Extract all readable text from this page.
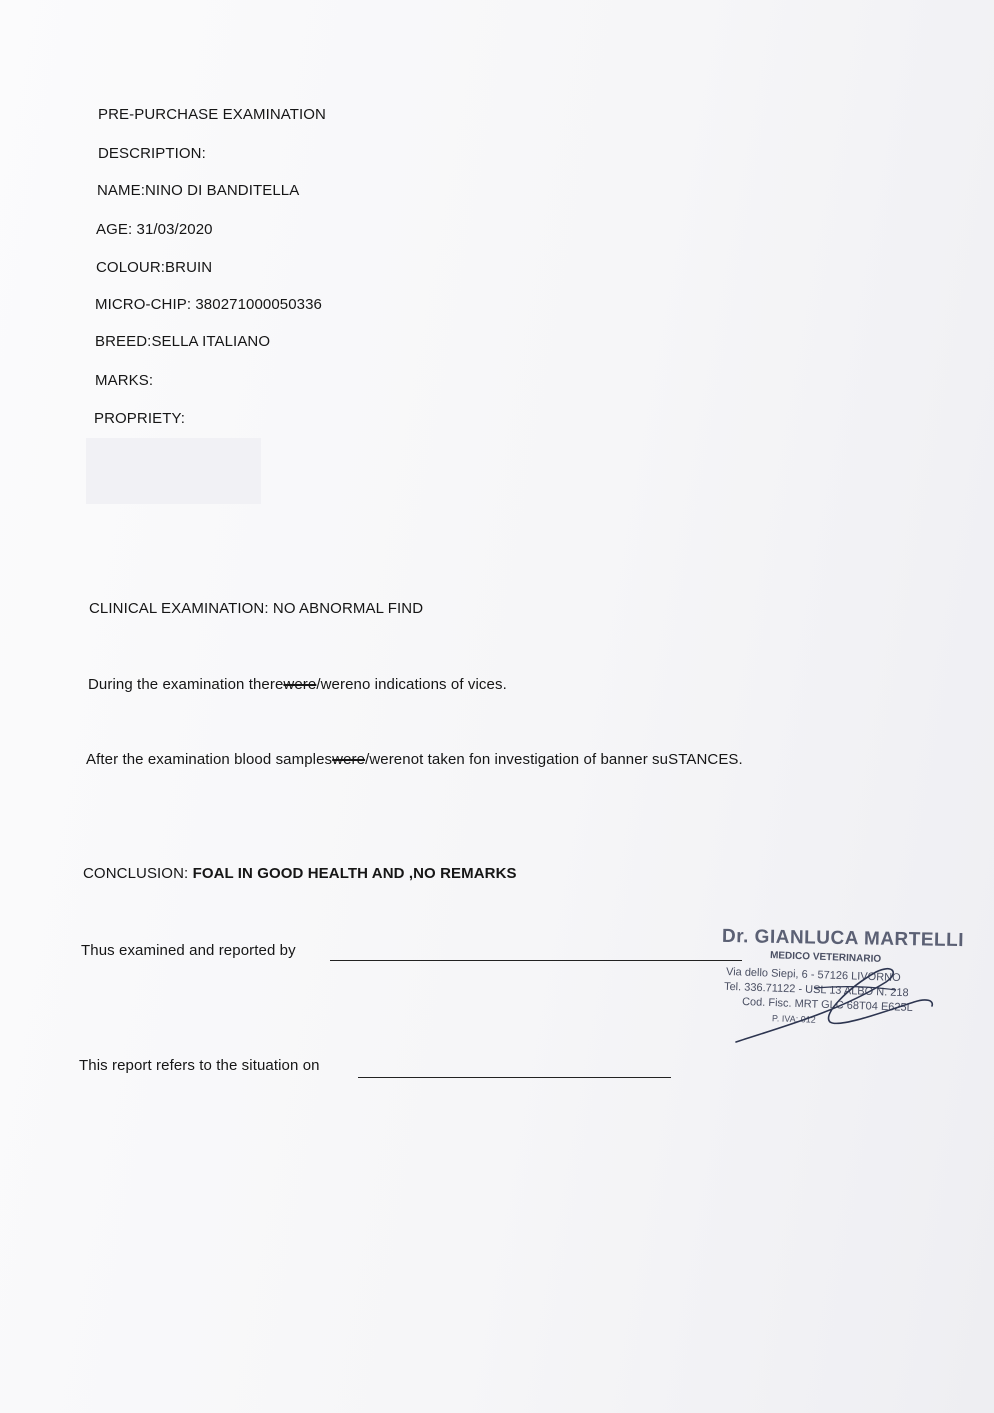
PRE-PURCHASE EXAMINATION
DESCRIPTION:
NAME:NINO DI BANDITELLA
AGE: 31/03/2020
COLOUR:BRUIN
MICRO-CHIP: 380271000050336
BREED:SELLA ITALIANO
MARKS:
PROPRIETY:
CLINICAL EXAMINATION: NO ABNORMAL FIND
During the examination therewere/wereno indications of vices.
After the examination blood sampleswere/werenot taken fon investigation of banner suSTANCES.
CONCLUSION: FOAL IN GOOD HEALTH AND ,NO REMARKS
Thus examined and reported by
This report refers to the situation on
Dr. GIANLUCA MARTELLI
MEDICO VETERINARIO
Via dello Siepi, 6 - 57126 LIVORNO
Tel. 336.71122 - USL 13 ALBO N. 218
Cod. Fisc. MRT GLC 68T04 E625L
P. IVA: 012
